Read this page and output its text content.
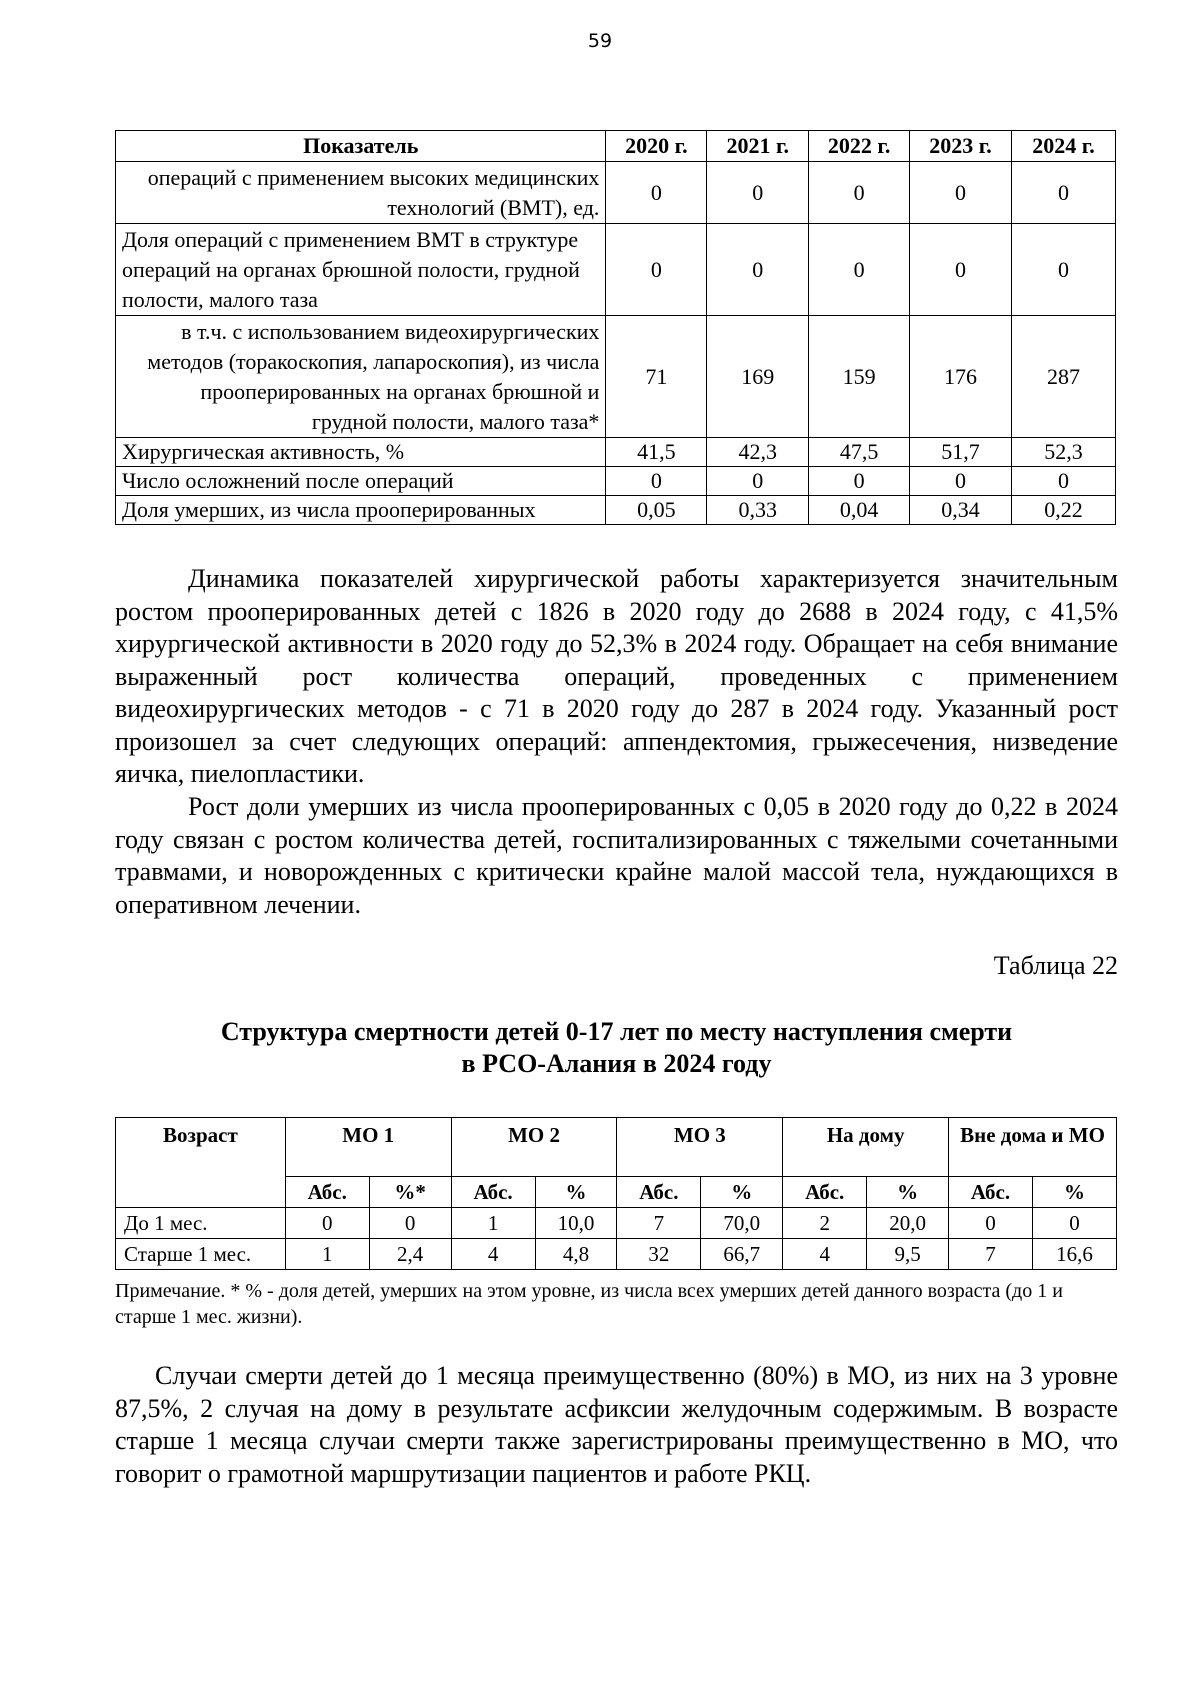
59
Показатель	2020 г.	2021 г.	2022 г.	2023 г.	2024 г.
операций с применением высоких медицинских технологий (ВМТ), ед.	0	0	0	0	0
Доля операций с применением ВМТ в структуре операций на органах брюшной полости, грудной полости, малого таза	0	0	0	0	0
в т.ч. с использованием видеохирургических методов (торакоскопия, лапароскопия), из числа прооперированных на органах брюшной и грудной полости, малого таза*	71	169	159	176	287
Хирургическая активность, %	41,5	42,3	47,5	51,7	52,3
Число осложнений после операций	0	0	0	0	0
Доля умерших, из числа прооперированных	0,05	0,33	0,04	0,34	0,22

Динамика показателей хирургической работы характеризуется значительным ростом прооперированных детей с 1826 в 2020 году до 2688 в 2024 году, с 41,5% хирургической активности в 2020 году до 52,3% в 2024 году. Обращает на себя внимание выраженный рост количества операций, проведенных с применением видеохирургических методов - с 71 в 2020 году до 287 в 2024 году. Указанный рост произошел за счет следующих операций: аппендектомия, грыжесечения, низведение яичка, пиелопластики.

Рост доли умерших из числа прооперированных с 0,05 в 2020 году до 0,22 в 2024 году связан с ростом количества детей, госпитализированных с тяжелыми сочетанными травмами, и новорожденных с критически крайне малой массой тела, нуждающихся в оперативном лечении.

Таблица 22

Структура смертности детей 0-17 лет по месту наступления смерти
в РСО-Алания в 2024 году
Возраст	МО 1		МО 2		МО 3		На дому		Вне дома и МО	
	Абс.	%*	Абс.	%	Абс.	%	Абс.	%	Абс.	%
До 1 мес.	0	0	1	10,0	7	70,0	2	20,0	0	0
Старше 1 мес.	1	2,4	4	4,8	32	66,7	4	9,5	7	16,6

Примечание. * % - доля детей, умерших на этом уровне, из числа всех умерших детей данного возраста (до 1 и старше 1 мес. жизни).

Случаи смерти детей до 1 месяца преимущественно (80%) в МО, из них на 3 уровне 87,5%, 2 случая на дому в результате асфиксии желудочным содержимым. В возрасте старше 1 месяца случаи смерти также зарегистрированы преимущественно в МО, что говорит о грамотной маршрутизации пациентов и работе РКЦ.
